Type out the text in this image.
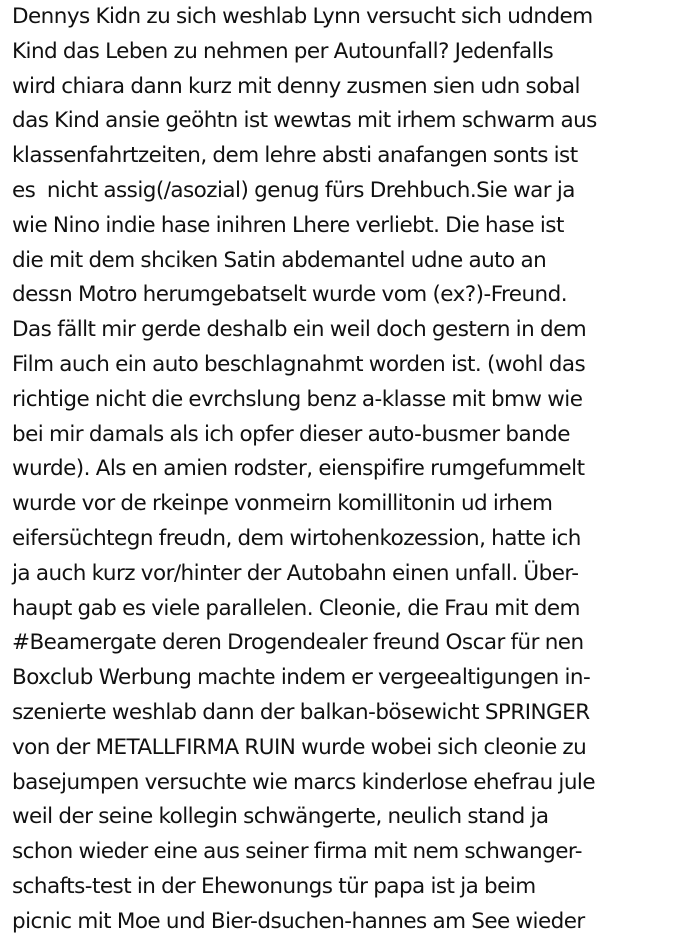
Dennys Kidn zu sich weshlab Lynn versucht sich udndem
Kind das Leben zu nehmen per Autounfall? Jedenfalls
wird chiara dann kurz mit denny zusmen sien udn sobal
das Kind ansie geöhtn ist wewtas mit irhem schwarm aus
klassenfahrtzeiten, dem lehre absti anafangen sonts ist
es  nicht assig(/asozial) genug fürs Drehbuch.Sie war ja
wie Nino indie hase inihren Lhere verliebt. Die hase ist
die mit dem shciken Satin abdemantel udne auto an
dessn Motro herumgebatselt wurde vom (ex?)-Freund.
Das fällt mir gerde deshalb ein weil doch gestern in dem
Film auch ein auto beschlagnahmt worden ist. (wohl das
richtige nicht die evrchslung benz a-klasse mit bmw wie
bei mir damals als ich opfer dieser auto-busmer bande
wurde). Als en amien rodster, eienspifire rumgefummelt
wurde vor de rkeinpe vonmeirn komillitonin ud irhem
eifersüchtegn freudn, dem wirtohenkozession, hatte ich
ja auch kurz vor/hinter der Autobahn einen unfall. Über-
haupt gab es viele parallelen. Cleonie, die Frau mit dem
#Beamergate deren Drogendealer freund Oscar für nen
Boxclub Werbung machte indem er vergeealtigungen in-
szenierte weshlab dann der balkan-bösewicht SPRINGER
von der METALLFIRMA RUIN wurde wobei sich cleonie zu
basejumpen versuchte wie marcs kinderlose ehefrau jule
weil der seine kollegin schwängerte, neulich stand ja
schon wieder eine aus seiner firma mit nem schwanger-
schafts-test in der Ehewonungs tür papa ist ja beim
picnic mit Moe und Bier-dsuchen-hannes am See wieder
